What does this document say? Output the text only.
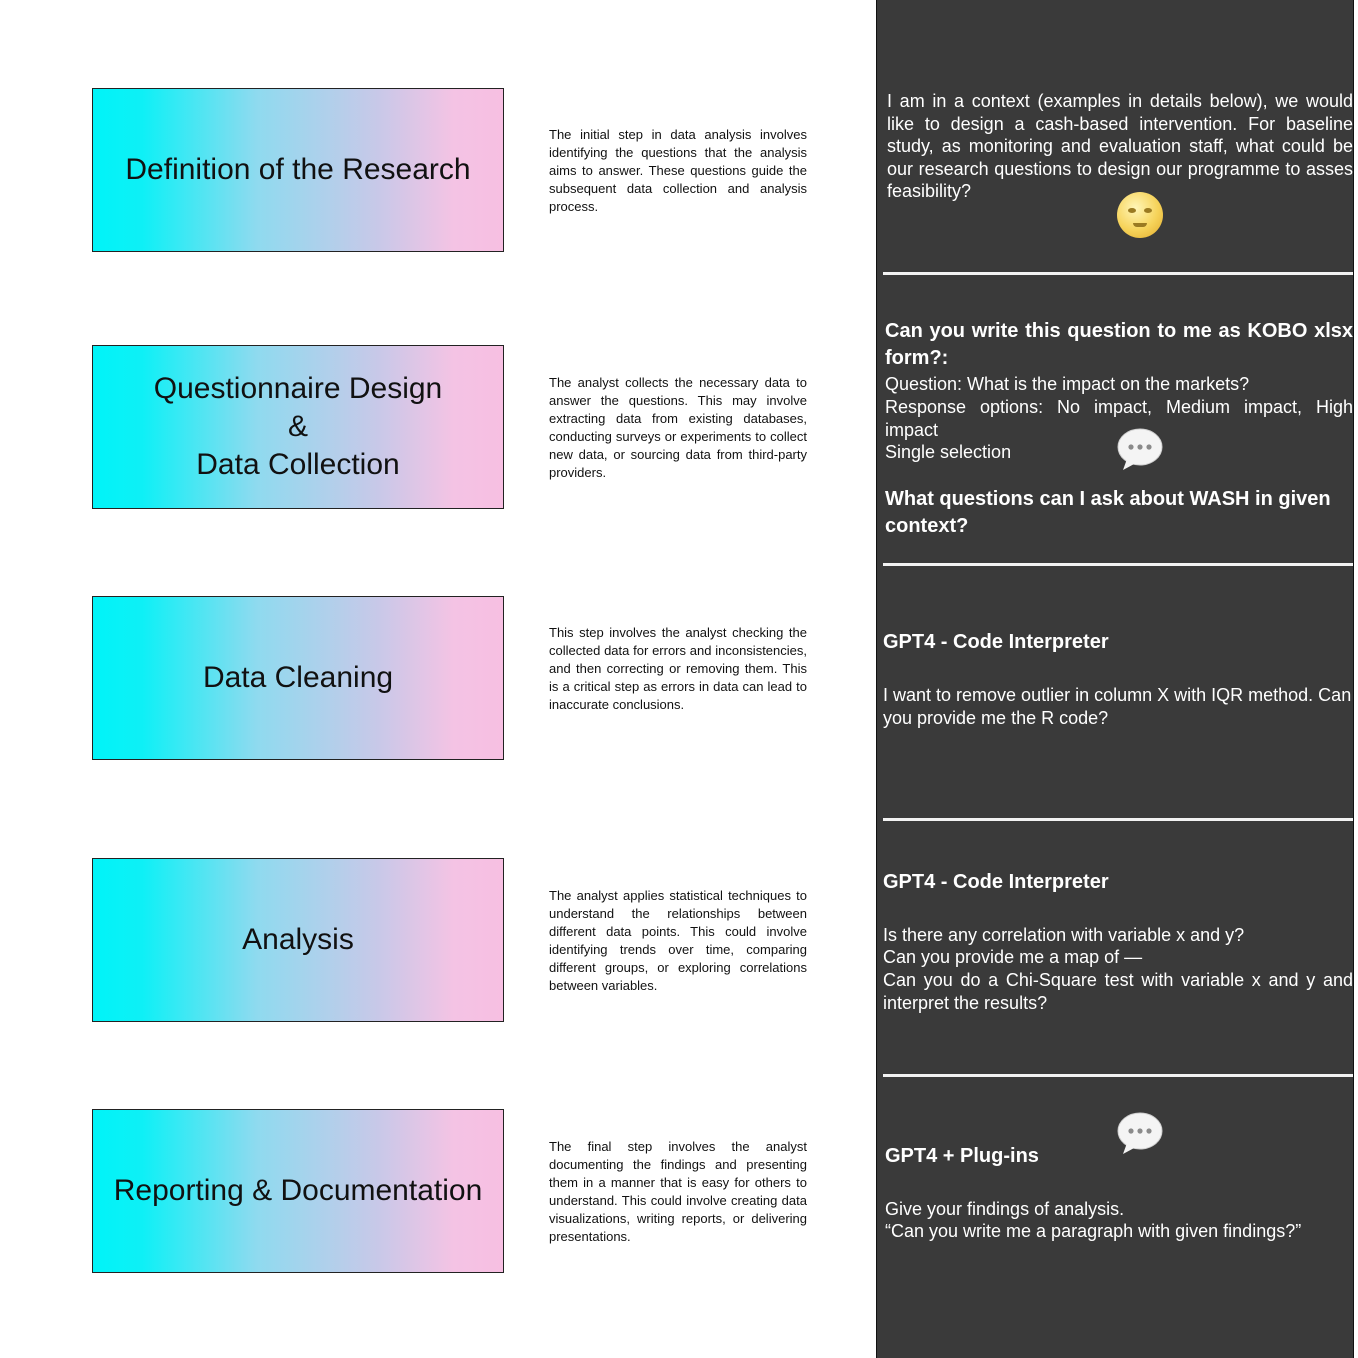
Definition of the Research

The initial step in data analysis involves identifying the questions that the analysis aims to answer. These questions guide the subsequent data collection and analysis process.

Questionnaire Design
&
Data Collection

The analyst collects the necessary data to answer the questions. This may involve extracting data from existing databases, conducting surveys or experiments to collect new data, or sourcing data from third-party providers.

Data Cleaning

This step involves the analyst checking the collected data for errors and inconsistencies, and then correcting or removing them. This is a critical step as errors in data can lead to inaccurate conclusions.

Analysis

The analyst applies statistical techniques to understand the relationships between different data points. This could involve identifying trends over time, comparing different groups, or exploring correlations between variables.

Reporting & Documentation

The final step involves the analyst documenting the findings and presenting them in a manner that is easy for others to understand. This could involve creating data visualizations, writing reports, or delivering presentations.

I am in a context (examples in details below), we would like to design a cash-based intervention. For baseline study, as monitoring and evaluation staff, what could be our research questions to design our programme to asses feasibility?

Can you write this question to me as KOBO xlsx form?:

Question: What is the impact on the markets?

Response options: No impact, Medium impact, High impact

Single selection

What questions can I ask about WASH in given context?

GPT4 - Code Interpreter

I want to remove outlier in column X with IQR method. Can you provide me the R code?

GPT4 - Code Interpreter

Is there any correlation with variable x and y?

Can you provide me a map of —

Can you do a Chi-Square test with variable x and y and interpret the results?

GPT4 + Plug-ins

Give your findings of analysis.

“Can you write me a paragraph with given findings?”
